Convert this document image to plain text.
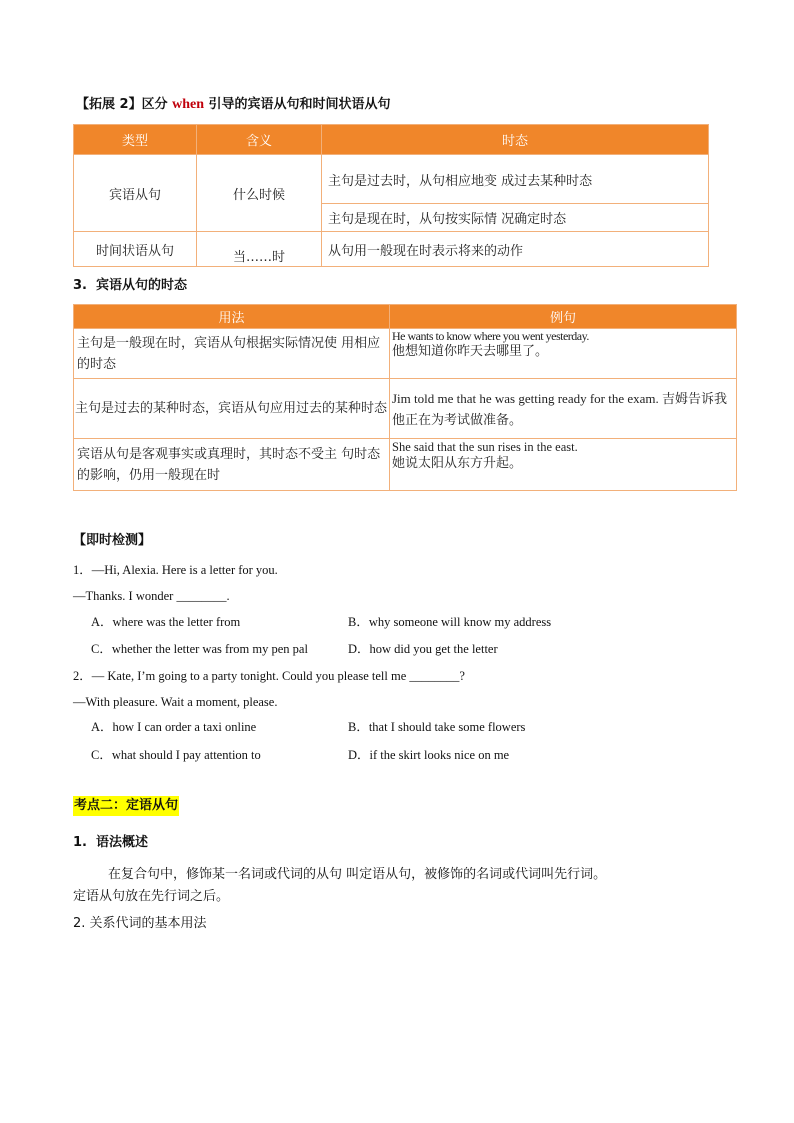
【拓展 2】区分 when 引导的宾语从句和时间状语从句
类型	含义	时态
宾语从句	什么时候	主句是过去时，从句相应地变 成过去某种时态
		主句是现在时，从句按实际情 况确定时态
时间状语从句	当……时	从句用一般现在时表示将来的动作
3. 宾语从句的时态
用法	例句
主句是一般现在时，宾语从句根据实际情况使 用相应的时态	He wants to know where you went yesterday.
他想知道你昨天去哪里了。

主句是过去的某种时态，宾语从句应用过去的某种时态	Jim told me that he was getting ready for the exam. 吉姆告诉我他正在为考试做准备。

宾语从句是客观事实或真理时，其时态不受主 句时态的影响，仍用一般现在时	She said that the sun rises in the east.
她说太阳从东方升起。
【即时检测】
1．—Hi, Alexia. Here is a letter for you.
—Thanks. I wonder ________.
A．where was the letter from	B．why someone will know my address
C．whether the letter was from my pen pal	D．how did you get the letter
2．— Kate, I’m going to a party tonight. Could you please tell me ________?
—With pleasure. Wait a moment, please.
A．how I can order a taxi online	B．that I should take some flowers
C．what should I pay attention to	D．if the skirt looks nice on me
考点二：定语从句
1. 语法概述
在复合句中，修饰某一名词或代词的从句 叫定语从句，被修饰的名词或代词叫先行词。
定语从句放在先行词之后。
2. 关系代词的基本用法
